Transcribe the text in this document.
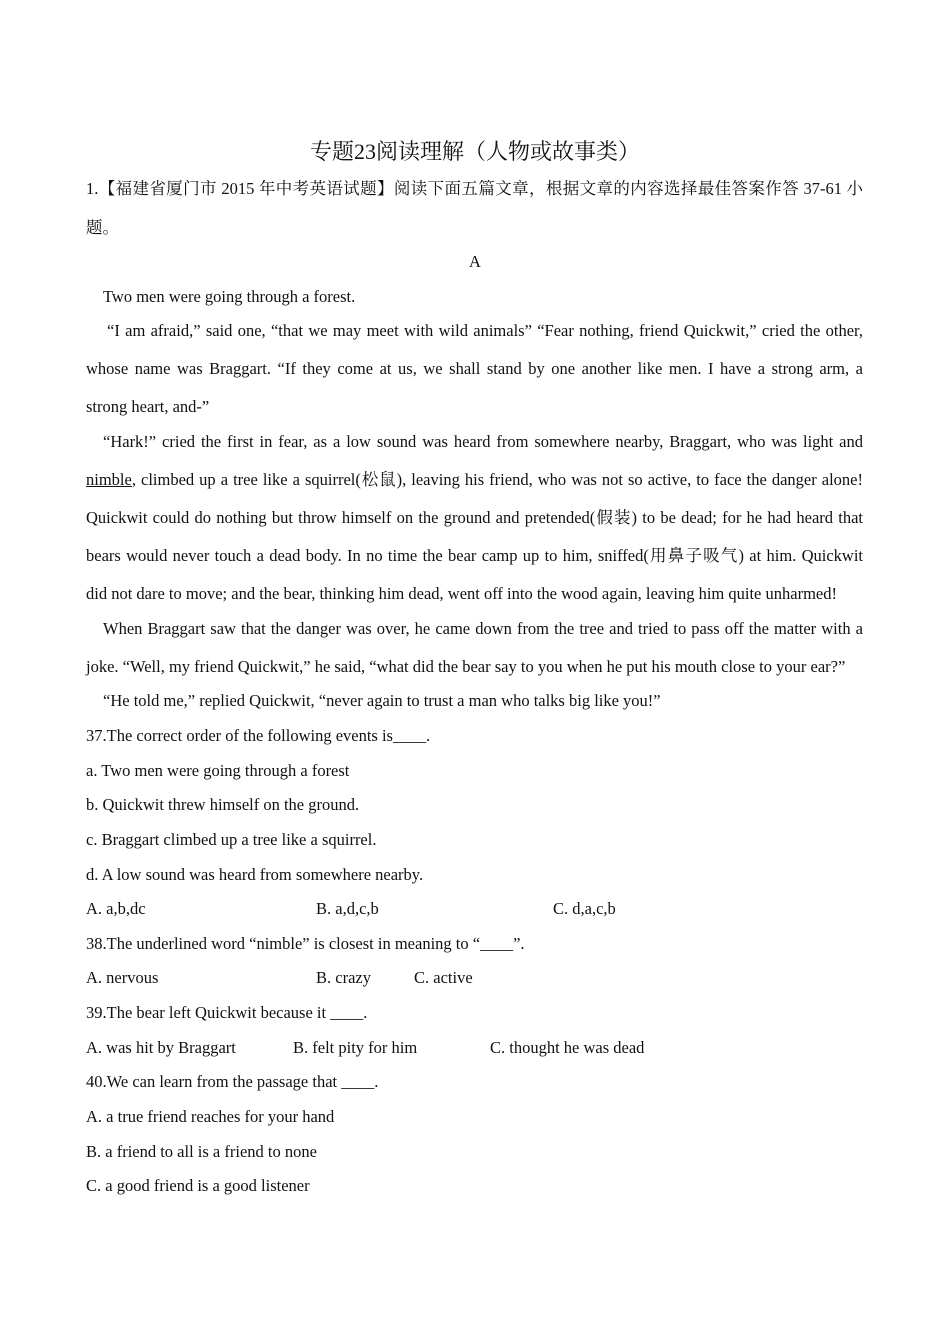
专题23阅读理解（人物或故事类）
1.【福建省厦门市 2015 年中考英语试题】阅读下面五篇文章，根据文章的内容选择最佳答案作答 37-61 小
题。
A
Two men were going through a forest.
“I am afraid,” said one, “that we may meet with wild animals” “Fear nothing, friend Quickwit,” cried the other,
whose name was Braggart. “If they come at us, we shall stand by one another like men. I have a strong arm, a
strong heart, and-”
“Hark!” cried the first in fear, as a low sound was heard from somewhere nearby, Braggart, who was light and
nimble, climbed up a tree like a squirrel(松鼠), leaving his friend, who was not so active, to face the danger alone!
Quickwit could do nothing but throw himself on the ground and pretended(假装) to be dead; for he had heard that
bears would never touch a dead body. In no time the bear camp up to him, sniffed(用鼻子吸气) at him. Quickwit
did not dare to move; and the bear, thinking him dead, went off into the wood again, leaving him quite unharmed!
When Braggart saw that the danger was over, he came down from the tree and tried to pass off the matter with a
joke. “Well, my friend Quickwit,” he said, “what did the bear say to you when he put his mouth close to your ear?”
“He told me,” replied Quickwit, “never again to trust a man who talks big like you!”
37.The correct order of the following events is____.
a. Two men were going through a forest
b. Quickwit threw himself on the ground.
c. Braggart climbed up a tree like a squirrel.
d. A low sound was heard from somewhere nearby.
A. a,b,dc	B. a,d,c,b	C. d,a,c,b
38.The underlined word “nimble” is closest in meaning to “____”.
A. nervous	B. crazy	C. active
39.The bear left Quickwit because it ____.
A. was hit by Braggart	B. felt pity for him	C. thought he was dead
40.We can learn from the passage that ____.
A. a true friend reaches for your hand
B. a friend to all is a friend to none
C. a good friend is a good listener
